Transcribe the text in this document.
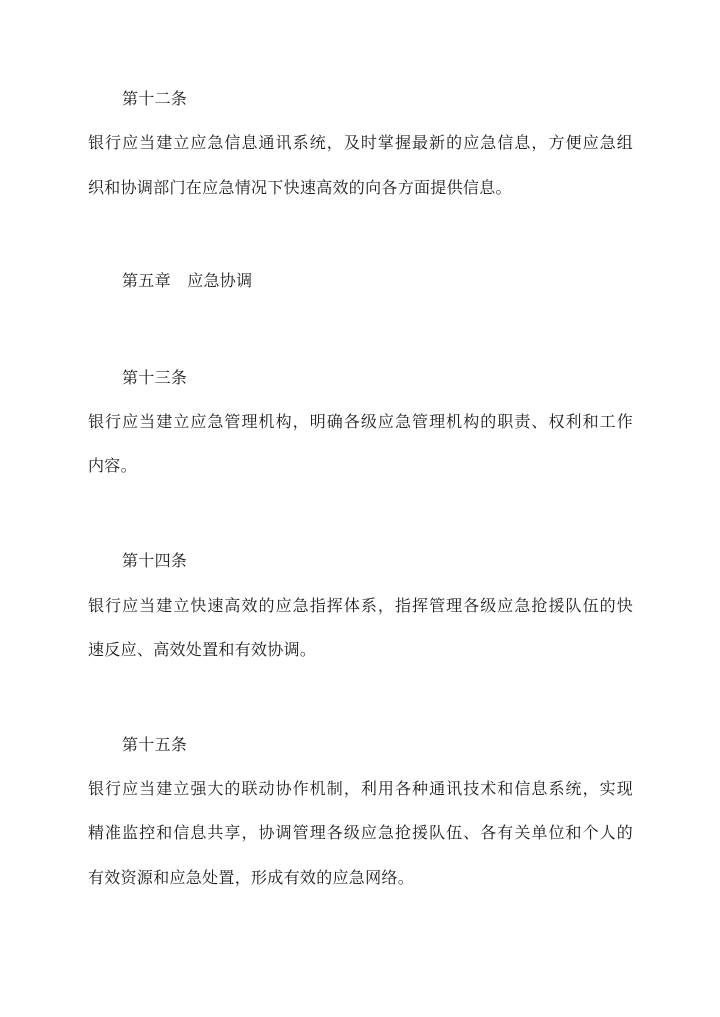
第十二条
银行应当建立应急信息通讯系统，及时掌握最新的应急信息，方便应急组
织和协调部门在应急情况下快速高效的向各方面提供信息。
第五章　应急协调
第十三条
银行应当建立应急管理机构，明确各级应急管理机构的职责、权利和工作
内容。
第十四条
银行应当建立快速高效的应急指挥体系，指挥管理各级应急抢援队伍的快
速反应、高效处置和有效协调。
第十五条
银行应当建立强大的联动协作机制，利用各种通讯技术和信息系统，实现
精准监控和信息共享，协调管理各级应急抢援队伍、各有关单位和个人的
有效资源和应急处置，形成有效的应急网络。
